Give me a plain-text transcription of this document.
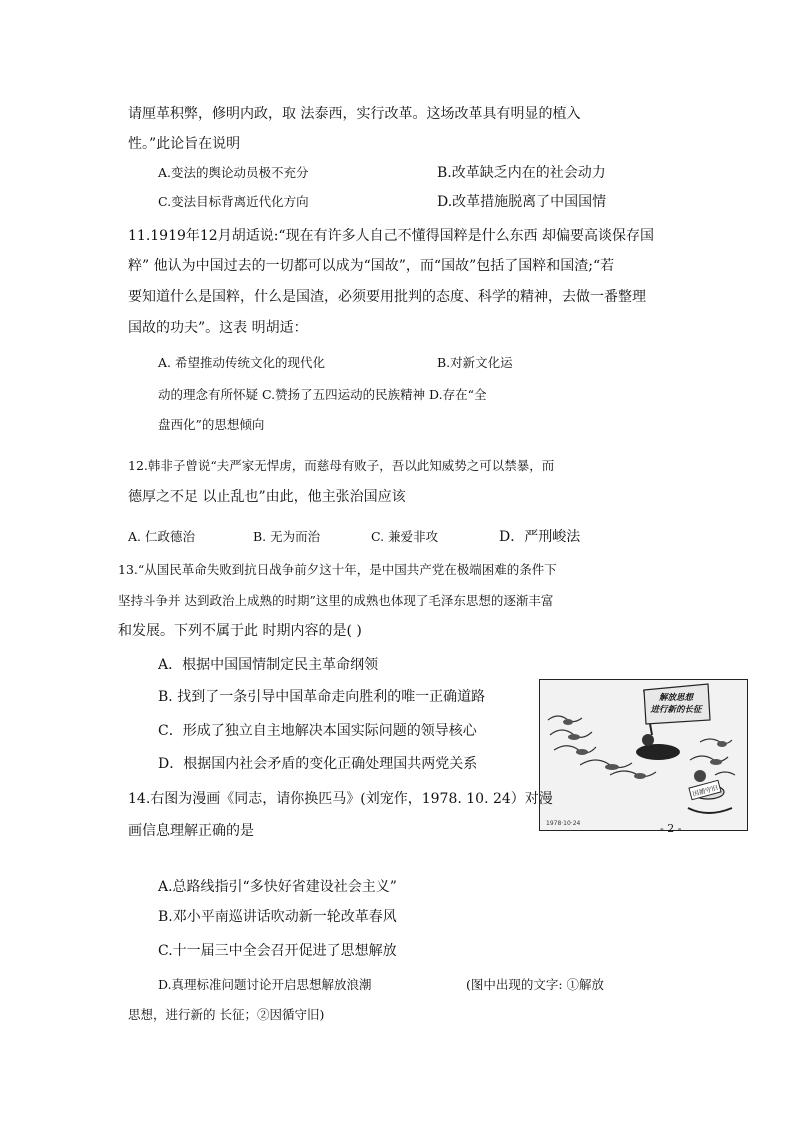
请厘革积弊，修明内政，取 法泰西，实行改革。这场改革具有明显的植入
性。”此论旨在说明
A.变法的舆论动员极不充分	B.改革缺乏内在的社会动力
C.变法目标背离近代化方向	D.改革措施脱离了中国国情
11.1919年12月胡适说:“现在有许多人自己不懂得国粹是什么东西 却偏要高谈保存国
粹” 他认为中国过去的一切都可以成为“国故”，而“国故”包括了国粹和国渣;“若
要知道什么是国粹，什么是国渣，必须要用批判的态度、科学的精神，去做一番整理
国故的功夫”。这表 明胡适：
A. 希望推动传统文化的现代化	B.对新文化运
动的理念有所怀疑 C.赞扬了五四运动的民族精神 D.存在“全
盘西化”的思想倾向
12.韩非子曾说“夫严家无悍虏，而慈母有败子，吾以此知威势之可以禁暴，而
德厚之不足 以止乱也”由此，他主张治国应该
A. 仁政德治	B. 无为而治	C. 兼爱非攻	D．严刑峻法
13.“从国民革命失败到抗日战争前夕这十年，是中国共产党在极端困难的条件下
坚持斗争并 达到政治上成熟的时期”这里的成熟也体现了毛泽东思想的逐渐丰富
和发展。下列不属于此 时期内容的是( )
A．根据中国国情制定民主革命纲领
B. 找到了一条引导中国革命走向胜利的唯一正确道路
C．形成了独立自主地解决本国实际问题的领导核心
D．根据国内社会矛盾的变化正确处理国共两党关系
解放思想
进行新的长征
因循守旧
1978·10·24	- 2 -
14.右图为漫画《同志，请你换匹马》(刘宠作，1978. 10. 24）对漫
画信息理解正确的是
A.总路线指引“多快好省建设社会主义”
B.邓小平南巡讲话吹动新一轮改革春风
C.十一届三中全会召开促进了思想解放
D.真理标准问题讨论开启思想解放浪潮	(图中出现的文字: ①解放
思想，进行新的 长征；②因循守旧)
